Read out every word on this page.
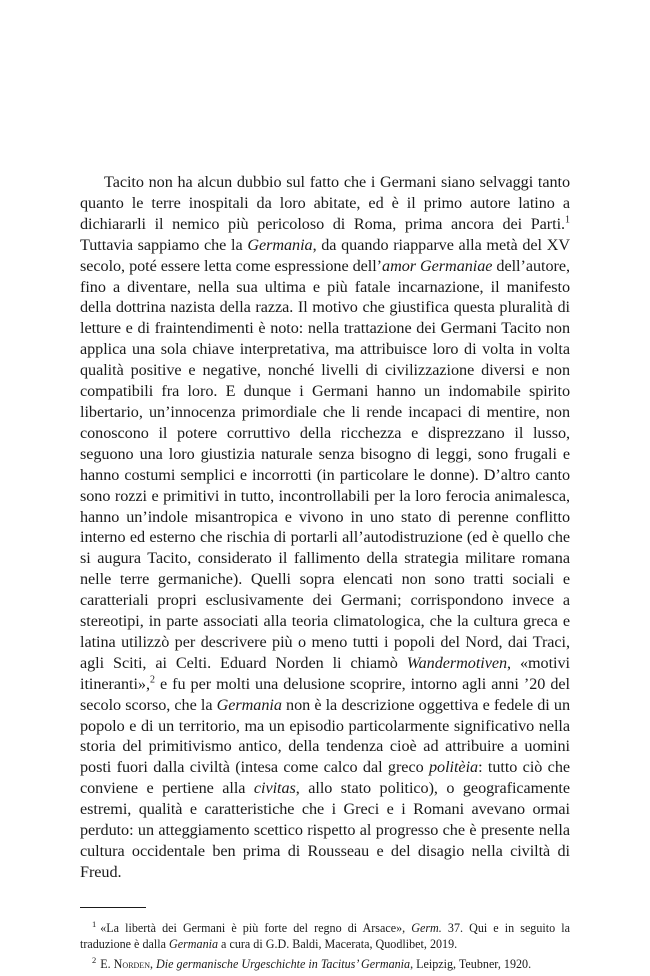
Tacito non ha alcun dubbio sul fatto che i Germani siano selvaggi tanto quanto le terre inospitali da loro abitate, ed è il primo autore latino a dichiararli il nemico più pericoloso di Roma, prima ancora dei Parti.$^1$ Tuttavia sappiamo che la Germania, da quando riapparve alla metà del XV secolo, poté essere letta come espressione dell’amor Germaniae dell’autore, fino a diventare, nella sua ultima e più fatale incarnazione, il manifesto della dottrina nazista della razza. Il motivo che giustifica questa pluralità di letture e di fraintendimenti è noto: nella trattazione dei Germani Tacito non applica una sola chiave interpretativa, ma attribuisce loro di volta in volta qualità positive e negative, nonché livelli di civilizzazione diversi e non compatibili fra loro. E dunque i Germani hanno un indomabile spirito libertario, un’innocenza primordiale che li rende incapaci di mentire, non conoscono il potere corruttivo della ricchezza e disprezzano il lusso, seguono una loro giustizia naturale senza bisogno di leggi, sono frugali e hanno costumi semplici e incorrotti (in particolare le donne). D’altro canto sono rozzi e primitivi in tutto, incontrollabili per la loro ferocia animalesca, hanno un’indole misantropica e vivono in uno stato di perenne conflitto interno ed esterno che rischia di portarli all’autodistruzione (ed è quello che si augura Tacito, considerato il fallimento della strategia militare romana nelle terre germaniche). Quelli sopra elencati non sono tratti sociali e caratteriali propri esclusivamente dei Germani; corrispondono invece a stereotipi, in parte associati alla teoria climatologica, che la cultura greca e latina utilizzò per descrivere più o meno tutti i popoli del Nord, dai Traci, agli Sciti, ai Celti. Eduard Norden li chiamò Wandermotiven, «motivi itineranti»,$^2$ e fu per molti una delusione scoprire, intorno agli anni ’20 del secolo scorso, che la Germania non è la descrizione oggettiva e fedele di un popolo e di un territorio, ma un episodio particolarmente significativo nella storia del primitivismo antico, della tendenza cioè ad attribuire a uomini posti fuori dalla civiltà (intesa come calco dal greco politèia: tutto ciò che conviene e pertiene alla civitas, allo stato politico), o geograficamente estremi, qualità e caratteristiche che i Greci e i Romani avevano ormai perduto: un atteggiamento scettico rispetto al progresso che è presente nella cultura occidentale ben prima di Rousseau e del disagio nella civiltà di Freud.

$^1$ «La libertà dei Germani è più forte del regno di Arsace», Germ. 37. Qui e in seguito la traduzione è dalla Germania a cura di G.D. Baldi, Macerata, Quodlibet, 2019.

$^2$ E. Norden, Die germanische Urgeschichte in Tacitus’ Germania, Leipzig, Teubner, 1920.
